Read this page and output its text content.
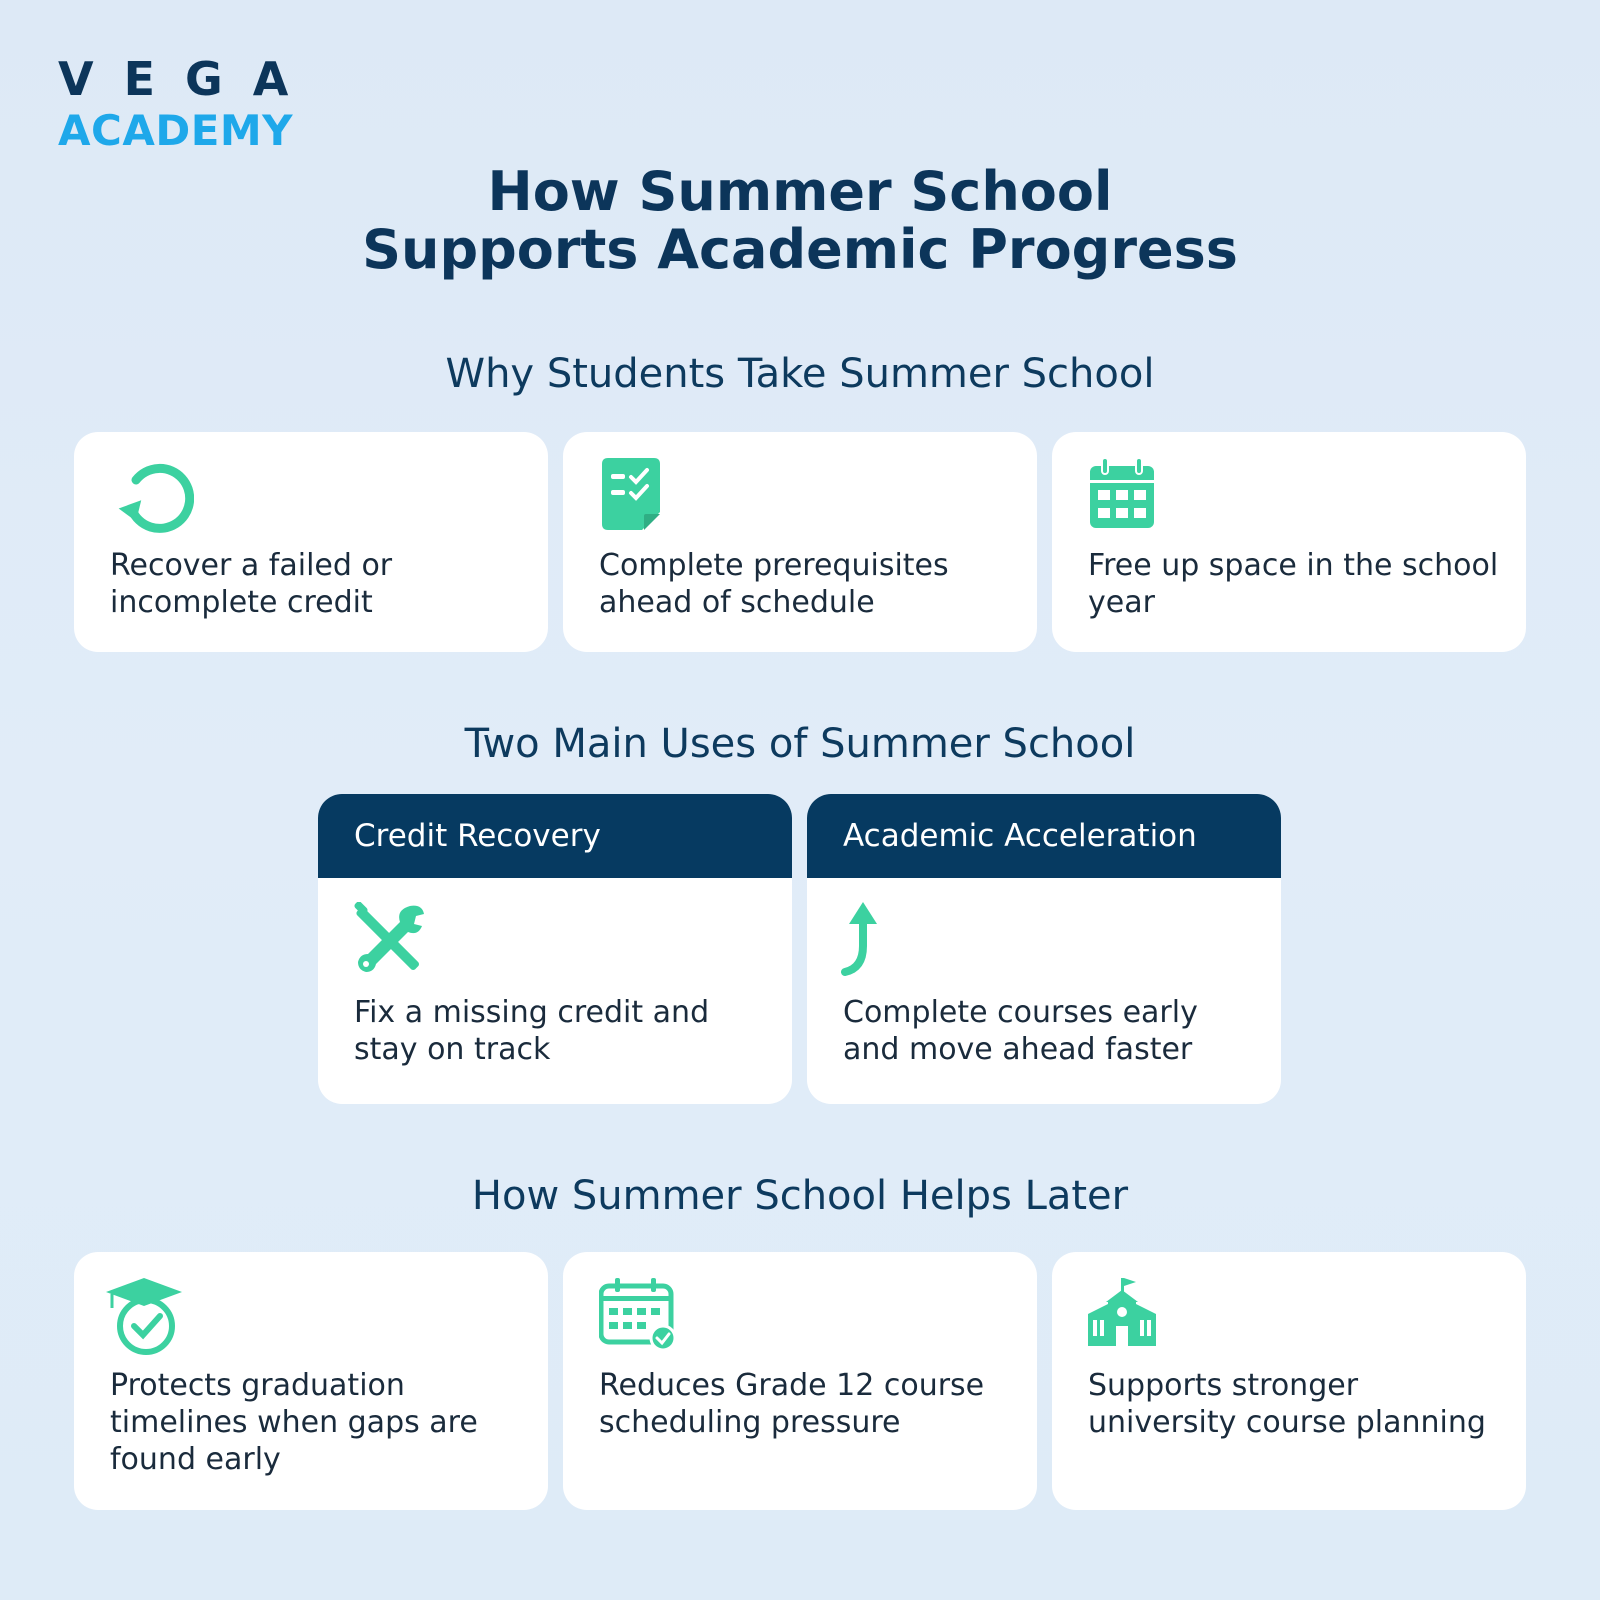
VEGA
ACADEMY
How Summer School
Supports Academic Progress
Why Students Take Summer School
Recover a failed or incomplete credit
Complete prerequisites ahead of schedule
Free up space in the school year
Two Main Uses of Summer School
Credit Recovery
Fix a missing credit and stay on track
Academic Acceleration
Complete courses early and move ahead faster
How Summer School Helps Later
Protects graduation timelines when gaps are found early
Reduces Grade 12 course scheduling pressure
Supports stronger university course planning
